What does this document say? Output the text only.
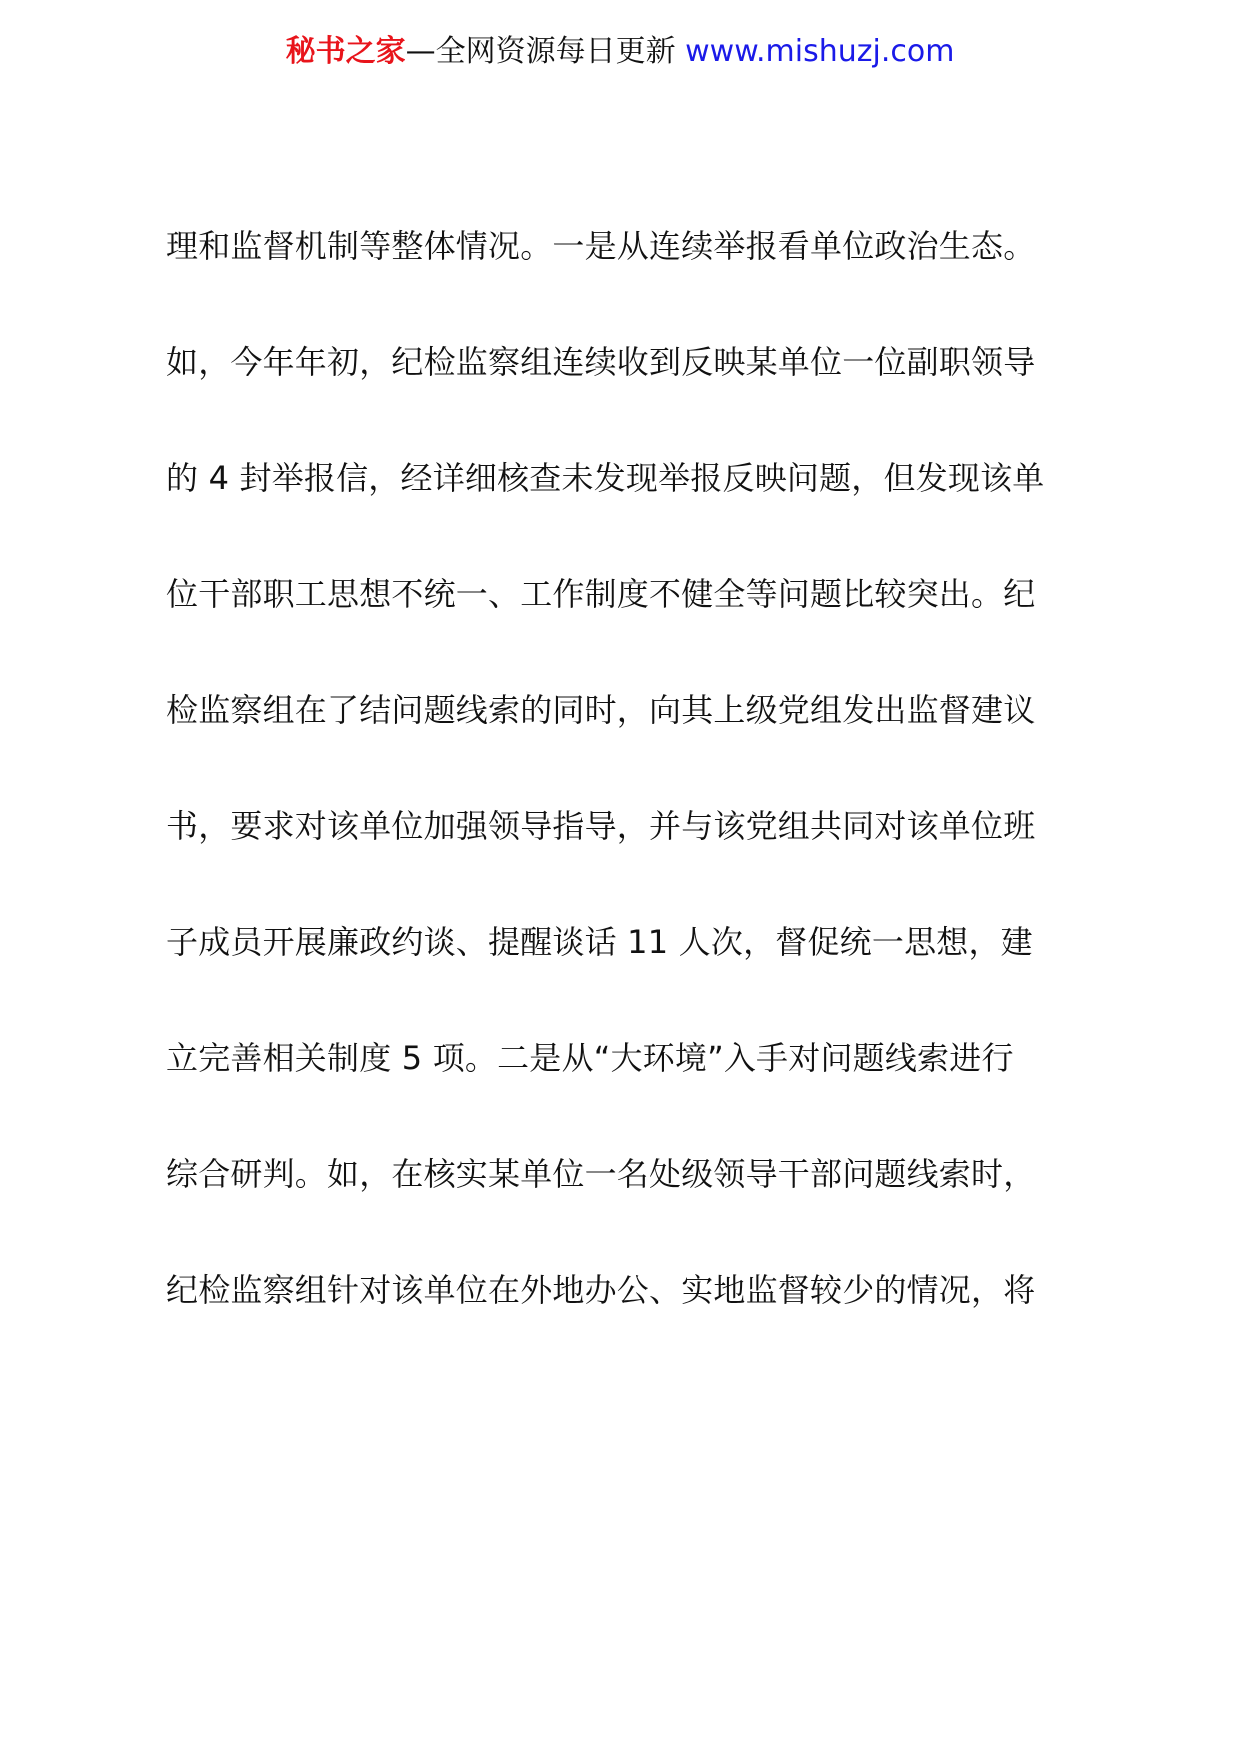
秘书之家—全网资源每日更新 www.mishuzj.com
理和监督机制等整体情况。一是从连续举报看单位政治生态。
如，今年年初，纪检监察组连续收到反映某单位一位副职领导
的 4 封举报信，经详细核查未发现举报反映问题，但发现该单
位干部职工思想不统一、工作制度不健全等问题比较突出。纪
检监察组在了结问题线索的同时，向其上级党组发出监督建议
书，要求对该单位加强领导指导，并与该党组共同对该单位班
子成员开展廉政约谈、提醒谈话 11 人次，督促统一思想，建
立完善相关制度 5 项。二是从“大环境”入手对问题线索进行
综合研判。如，在核实某单位一名处级领导干部问题线索时，
纪检监察组针对该单位在外地办公、实地监督较少的情况，将
